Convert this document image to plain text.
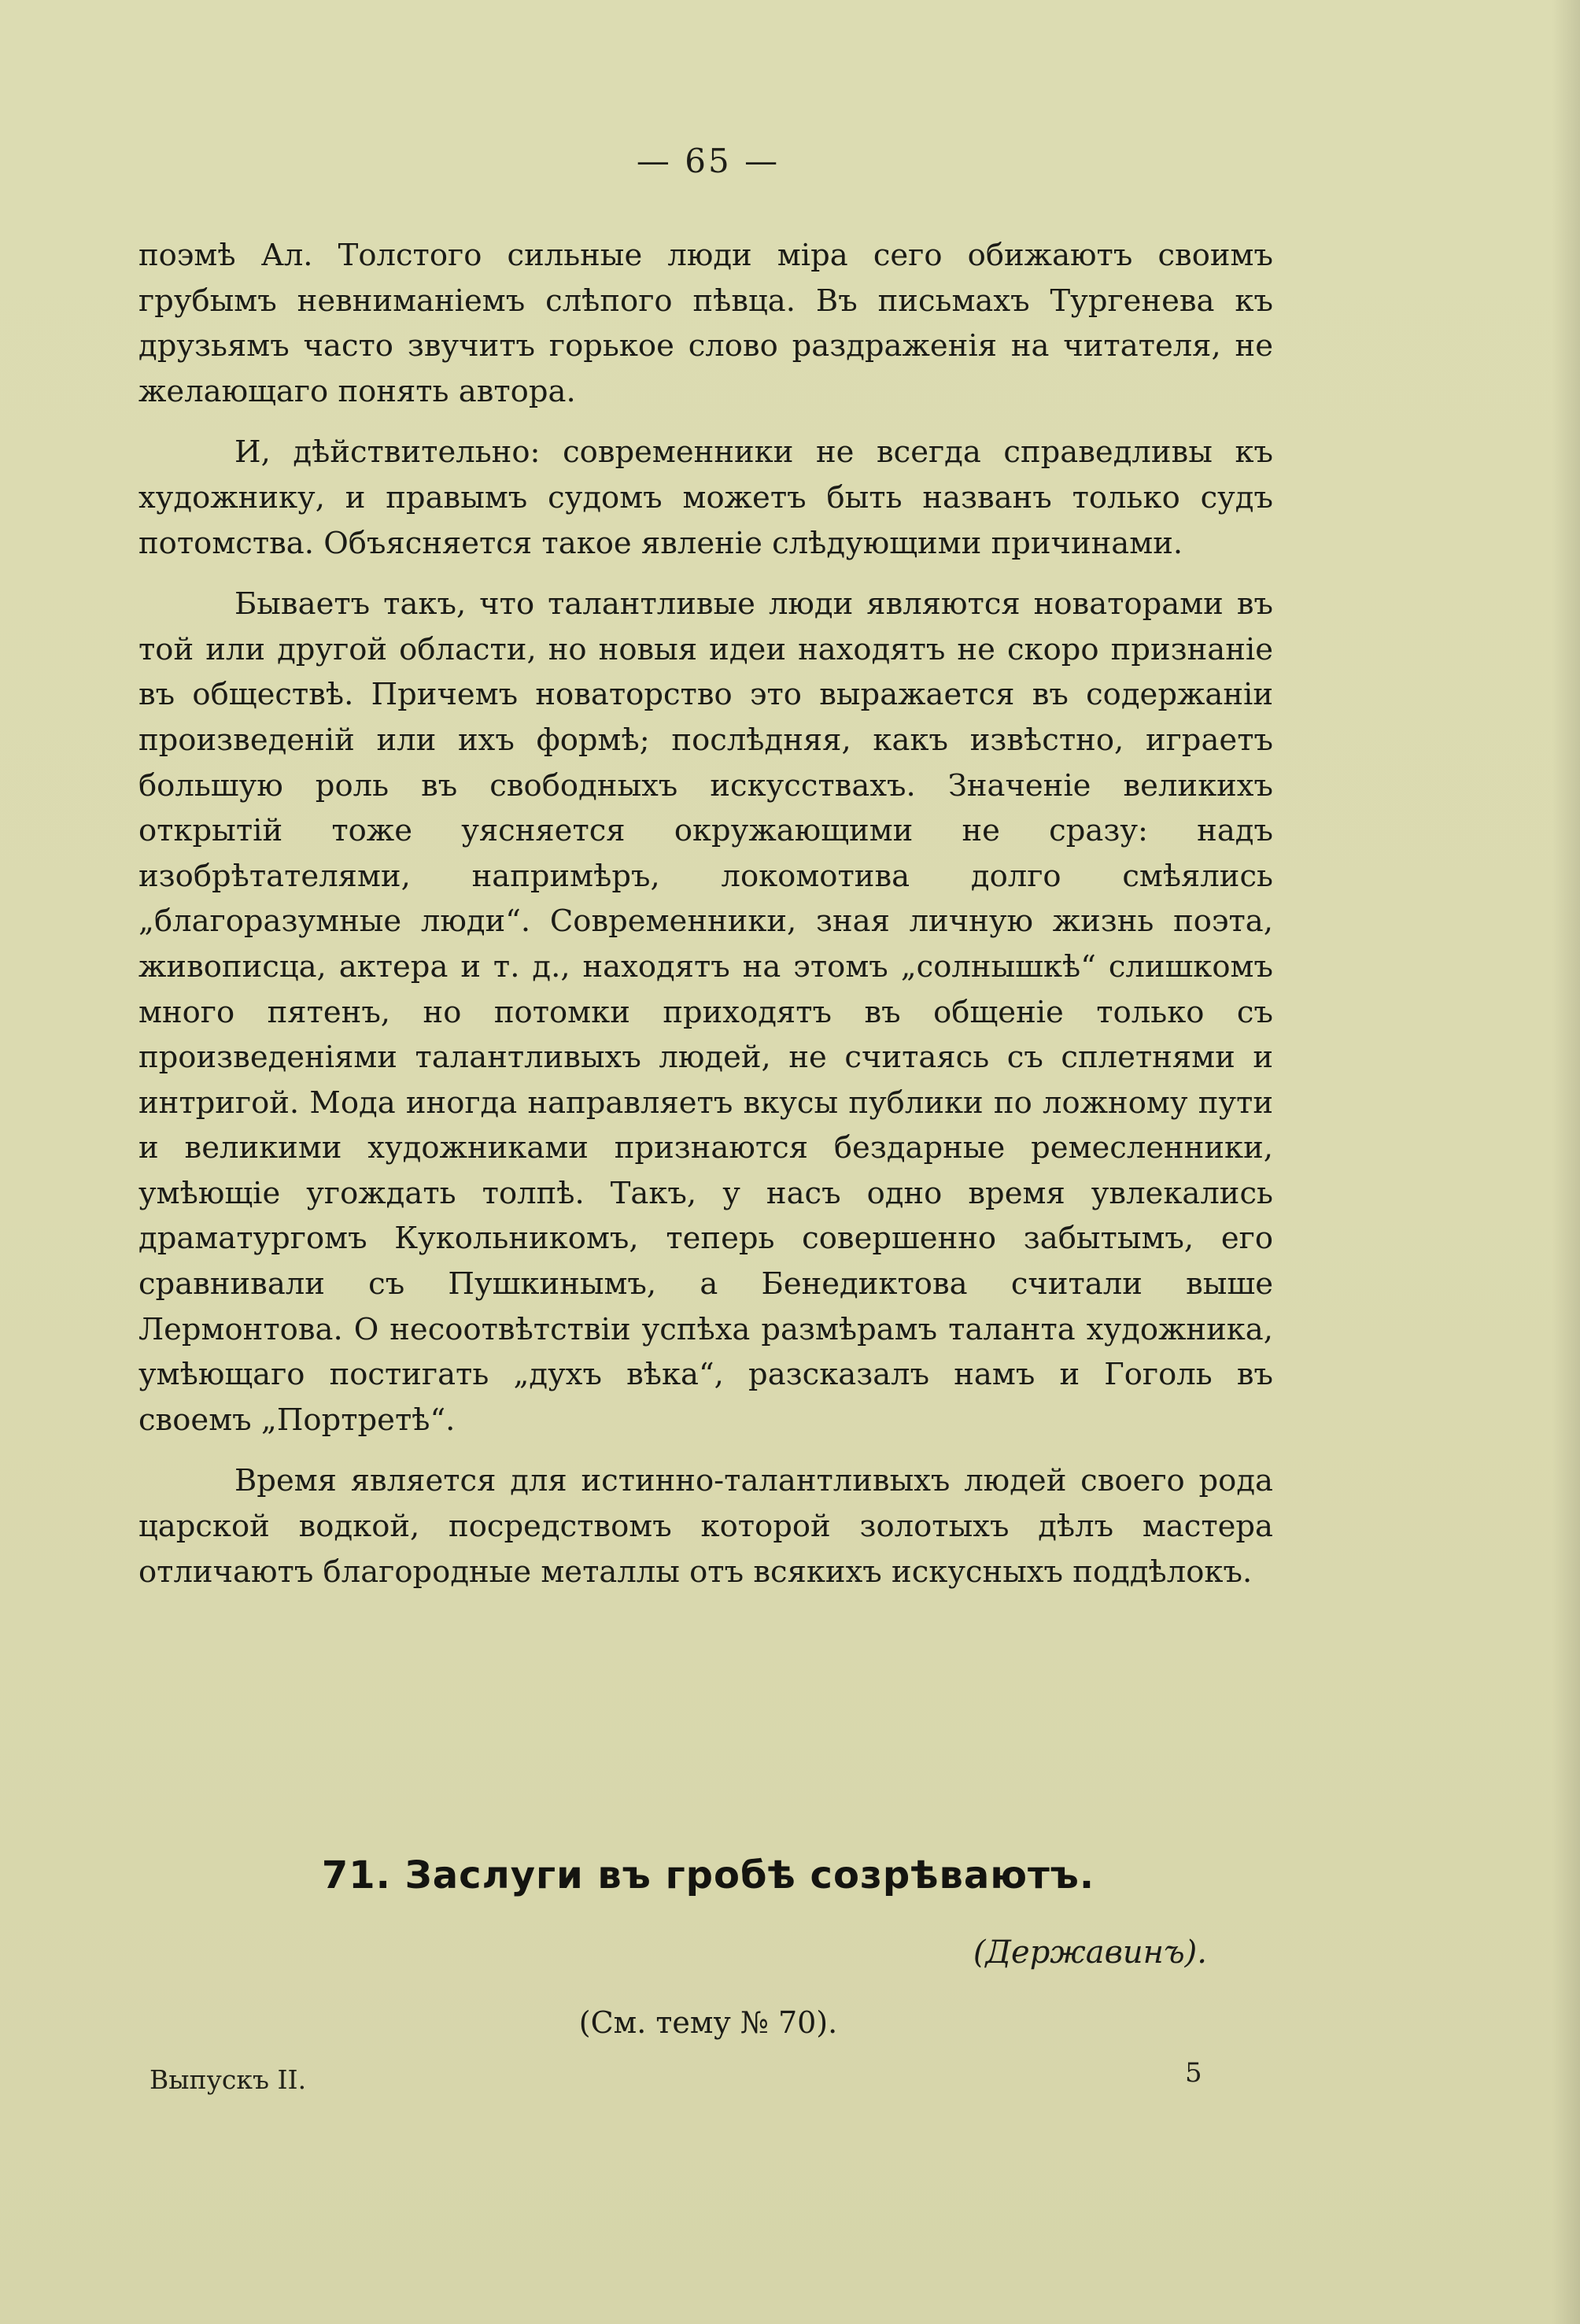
— 65 —

поэмѣ Ал. Толстого сильные люди міра сего обижаютъ своимъ грубымъ невниманіемъ слѣпого пѣвца. Въ письмахъ Тургенева къ друзьямъ часто звучитъ горькое слово раздраженія на читателя, не желающаго понять автора.

И, дѣйствительно: современники не всегда справедливы къ художнику, и правымъ судомъ можетъ быть названъ только судъ потомства. Объясняется такое явленіе слѣдующими причинами.

Бываетъ такъ, что талантливые люди являются новаторами въ той или другой области, но новыя идеи находятъ не скоро признаніе въ обществѣ. Причемъ новаторство это выражается въ содержаніи произведеній или ихъ формѣ; послѣдняя, какъ извѣстно, играетъ большую роль въ свободныхъ искусствахъ. Значеніе великихъ открытій тоже уясняется окружающими не сразу: надъ изобрѣтателями, напримѣръ, локомотива долго смѣялись „благоразумные люди“. Современники, зная личную жизнь поэта, живописца, актера и т. д., находятъ на этомъ „солнышкѣ“ слишкомъ много пятенъ, но потомки приходятъ въ общеніе только съ произведеніями талантливыхъ людей, не считаясь съ сплетнями и интригой. Мода иногда направляетъ вкусы публики по ложному пути и великими художниками признаются бездарные ремесленники, умѣющіе угождать толпѣ. Такъ, у насъ одно время увлекались драматургомъ Кукольникомъ, теперь совершенно забытымъ, его сравнивали съ Пушкинымъ, а Бенедиктова считали выше Лермонтова. О несоотвѣтствіи успѣха размѣрамъ таланта художника, умѣющаго постигать „духъ вѣка“, разсказалъ намъ и Гоголь въ своемъ „Портретѣ“.

Время является для истинно-талантливыхъ людей своего рода царской водкой, посредствомъ которой золотыхъ дѣлъ мастера отличаютъ благородные металлы отъ всякихъ искусныхъ поддѣлокъ.

71. Заслуги въ гробѣ созрѣваютъ.
(Державинъ).
(См. тему № 70).
Выпускъ II.	5
